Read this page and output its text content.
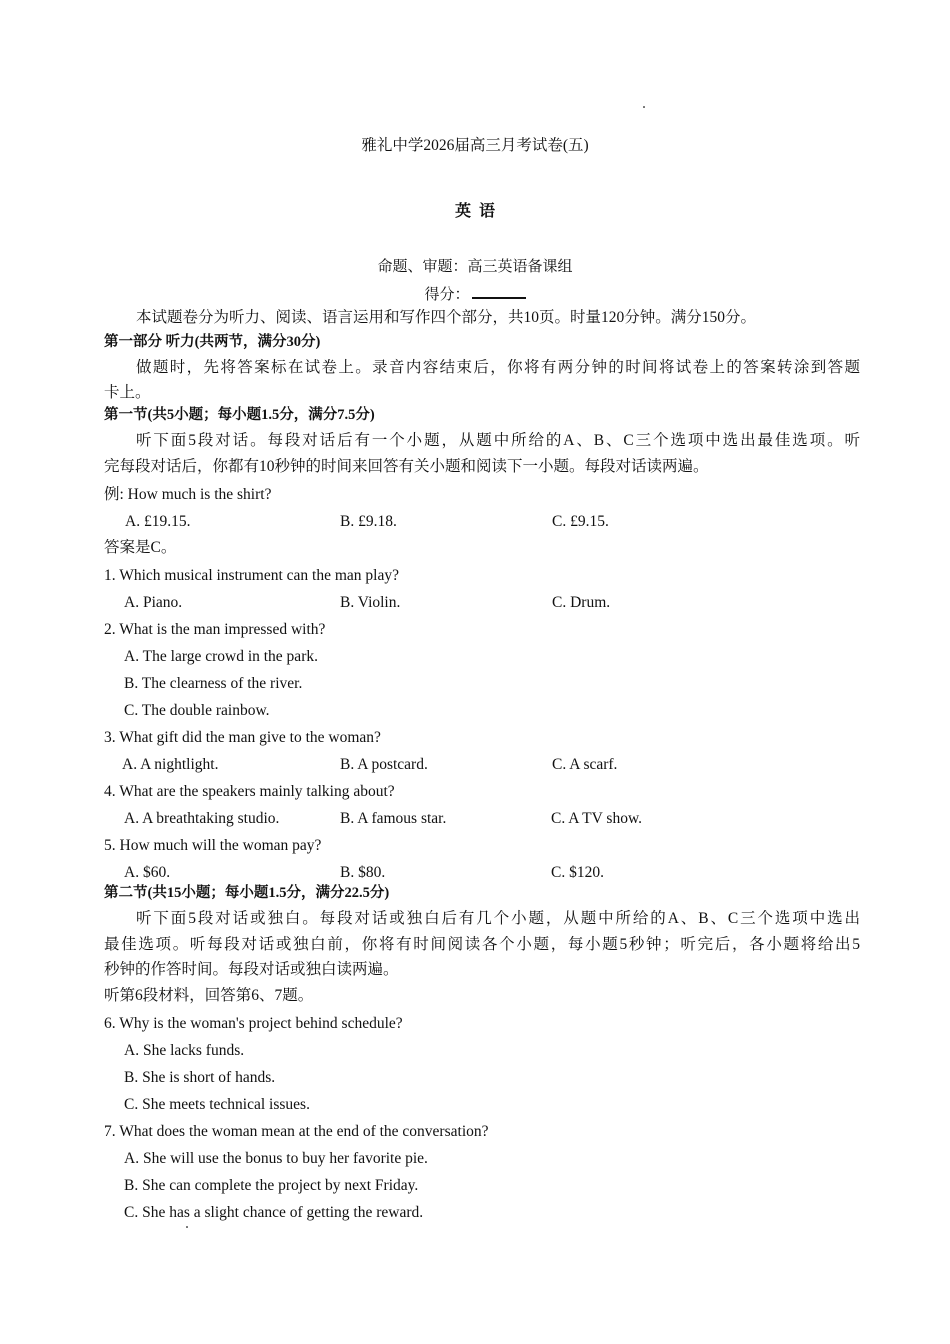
雅礼中学2026届高三月考试卷(五)
英  语
命题、审题：高三英语备课组
得分：
本试题卷分为听力、阅读、语言运用和写作四个部分，共10页。时量120分钟。满分150分。
第一部分 听力(共两节，满分30分)
做题时，先将答案标在试卷上。录音内容结束后，你将有两分钟的时间将试卷上的答案转涂到答题
卡上。
第一节(共5小题；每小题1.5分，满分7.5分)
听下面5段对话。每段对话后有一个小题，从题中所给的A、B、C三个选项中选出最佳选项。听
完每段对话后，你都有10秒钟的时间来回答有关小题和阅读下一小题。每段对话读两遍。
例: How much is the shirt?
A. £19.15.	B. £9.18.	C. £9.15.
答案是C。
1. Which musical instrument can the man play?
A. Piano.	B. Violin.	C. Drum.
2. What is the man impressed with?
A. The large crowd in the park.
B. The clearness of the river.
C. The double rainbow.
3. What gift did the man give to the woman?
A. A nightlight.	B. A postcard.	C. A scarf.
4. What are the speakers mainly talking about?
A. A breathtaking studio.	B. A famous star.	C. A TV show.
5. How much will the woman pay?
A. $60.	B. $80.	C. $120.
第二节(共15小题；每小题1.5分，满分22.5分)
听下面5段对话或独白。每段对话或独白后有几个小题，从题中所给的A、B、C三个选项中选出
最佳选项。听每段对话或独白前，你将有时间阅读各个小题，每小题5秒钟；听完后，各小题将给出5
秒钟的作答时间。每段对话或独白读两遍。
听第6段材料，回答第6、7题。
6. Why is the woman's project behind schedule?
A. She lacks funds.
B. She is short of hands.
C. She meets technical issues.
7. What does the woman mean at the end of the conversation?
A. She will use the bonus to buy her favorite pie.
B. She can complete the project by next Friday.
C. She has a slight chance of getting the reward.
